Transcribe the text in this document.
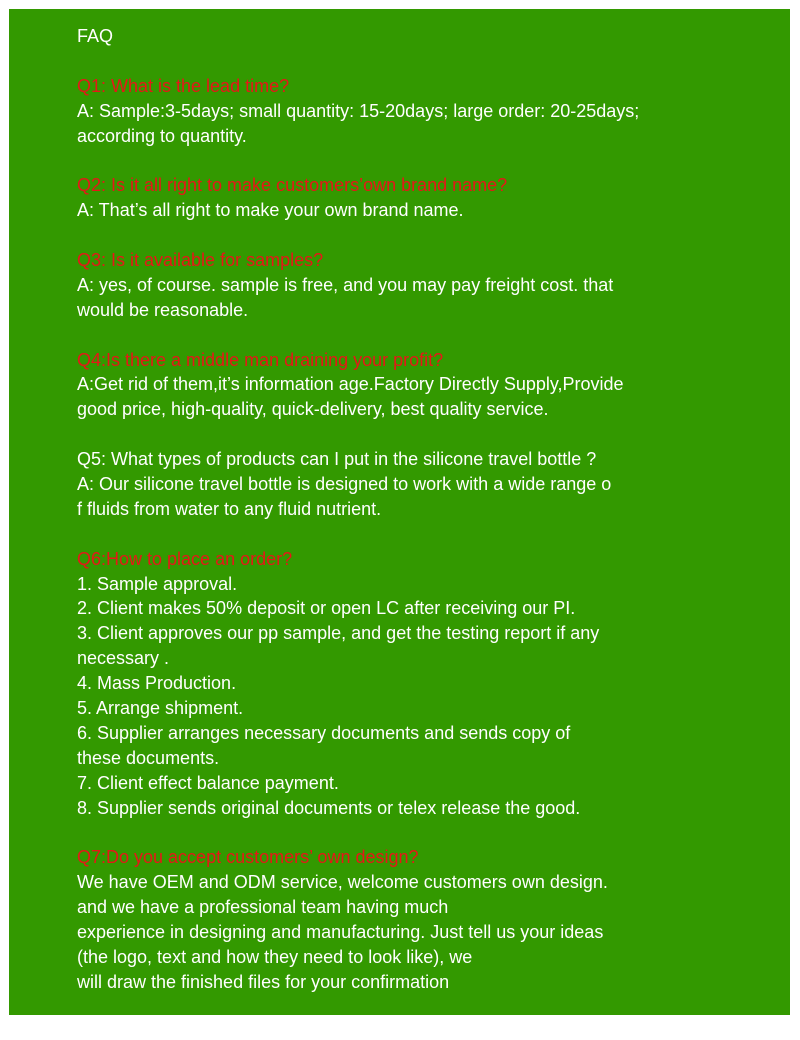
FAQ
Q1: What is the lead time?
A: Sample:3-5days; small quantity: 15-20days; large order: 20-25days;
according to quantity.
Q2: Is it all right to make customers’own brand name?
A: That’s all right to make your own brand name.
Q3: Is it available for samples?
A: yes, of course. sample is free, and you may pay freight cost. that
would be reasonable.
Q4:Is there a middle man draining your profit?
A:Get rid of them,it’s information age.Factory Directly Supply,Provide
good price, high-quality, quick-delivery, best quality service.
Q5: What types of products can I put in the silicone travel bottle ?
A: Our silicone travel bottle is designed to work with a wide range o
f fluids from water to any fluid nutrient.
Q6:How to place an order?
1. Sample approval.
2. Client makes 50% deposit or open LC after receiving our PI.
3. Client approves our pp sample, and get the testing report if any
necessary .
4. Mass Production.
5. Arrange shipment.
6. Supplier arranges necessary documents and sends copy of
these documents.
7. Client effect balance payment.
8. Supplier sends original documents or telex release the good.
Q7:Do you accept customers’ own design?
We have OEM and ODM service, welcome customers own design.
and we have a professional team having much
experience in designing and manufacturing. Just tell us your ideas
(the logo, text and how they need to look like), we
will draw the finished files for your confirmation
